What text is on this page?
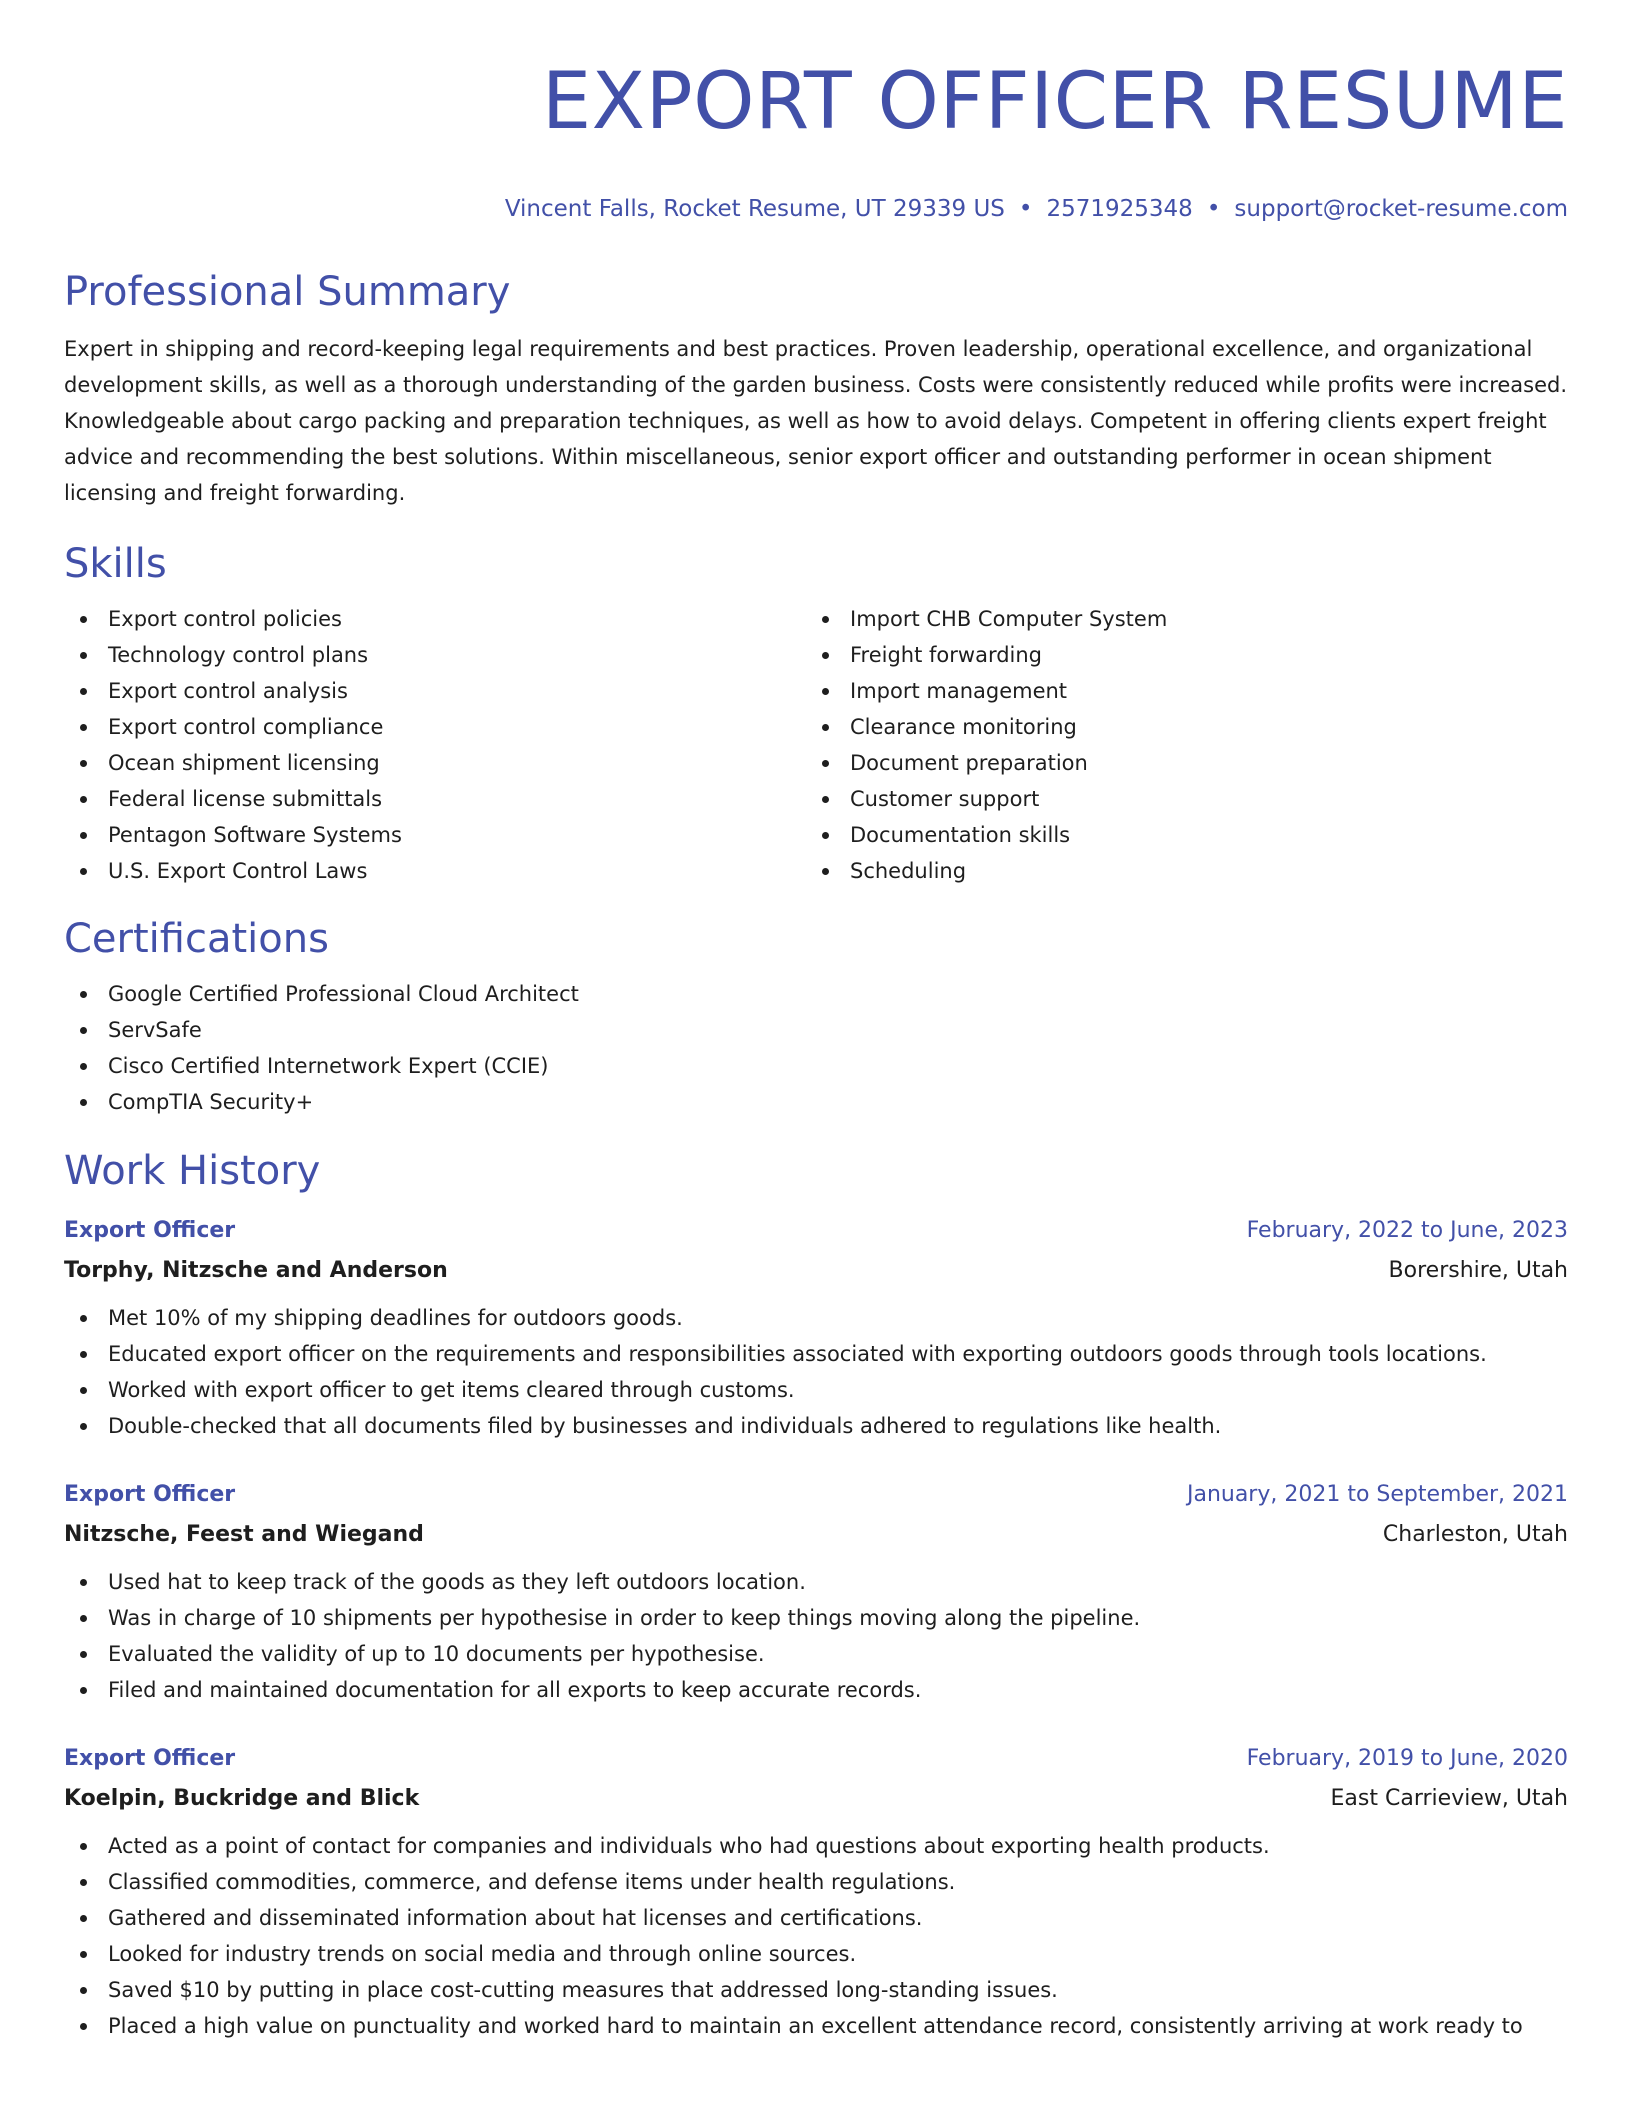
EXPORT OFFICER RESUME
Vincent Falls, Rocket Resume, UT 29339 US • 2571925348 • support@rocket-resume.com
Professional Summary

Expert in shipping and record-keeping legal requirements and best practices. Proven leadership, operational excellence, and organizational development skills, as well as a thorough understanding of the garden business. Costs were consistently reduced while profits were increased. Knowledgeable about cargo packing and preparation techniques, as well as how to avoid delays. Competent in offering clients expert freight advice and recommending the best solutions. Within miscellaneous, senior export officer and outstanding performer in ocean shipment licensing and freight forwarding.

Skills
Export control policies
Technology control plans
Export control analysis
Export control compliance
Ocean shipment licensing
Federal license submittals
Pentagon Software Systems
U.S. Export Control Laws
Import CHB Computer System
Freight forwarding
Import management
Clearance monitoring
Document preparation
Customer support
Documentation skills
Scheduling
Certifications
Google Certified Professional Cloud Architect
ServSafe
Cisco Certified Internetwork Expert (CCIE)
CompTIA Security+
Work History
Export Officer	February, 2022 to June, 2023
Torphy, Nitzsche and Anderson	Borershire, Utah
Met 10% of my shipping deadlines for outdoors goods.
Educated export officer on the requirements and responsibilities associated with exporting outdoors goods through tools locations.
Worked with export officer to get items cleared through customs.
Double-checked that all documents filed by businesses and individuals adhered to regulations like health.
Export Officer	January, 2021 to September, 2021
Nitzsche, Feest and Wiegand	Charleston, Utah
Used hat to keep track of the goods as they left outdoors location.
Was in charge of 10 shipments per hypothesise in order to keep things moving along the pipeline.
Evaluated the validity of up to 10 documents per hypothesise.
Filed and maintained documentation for all exports to keep accurate records.
Export Officer	February, 2019 to June, 2020
Koelpin, Buckridge and Blick	East Carrieview, Utah
Acted as a point of contact for companies and individuals who had questions about exporting health products.
Classified commodities, commerce, and defense items under health regulations.
Gathered and disseminated information about hat licenses and certifications.
Looked for industry trends on social media and through online sources.
Saved $10 by putting in place cost-cutting measures that addressed long-standing issues.
Placed a high value on punctuality and worked hard to maintain an excellent attendance record, consistently arriving at work ready to
